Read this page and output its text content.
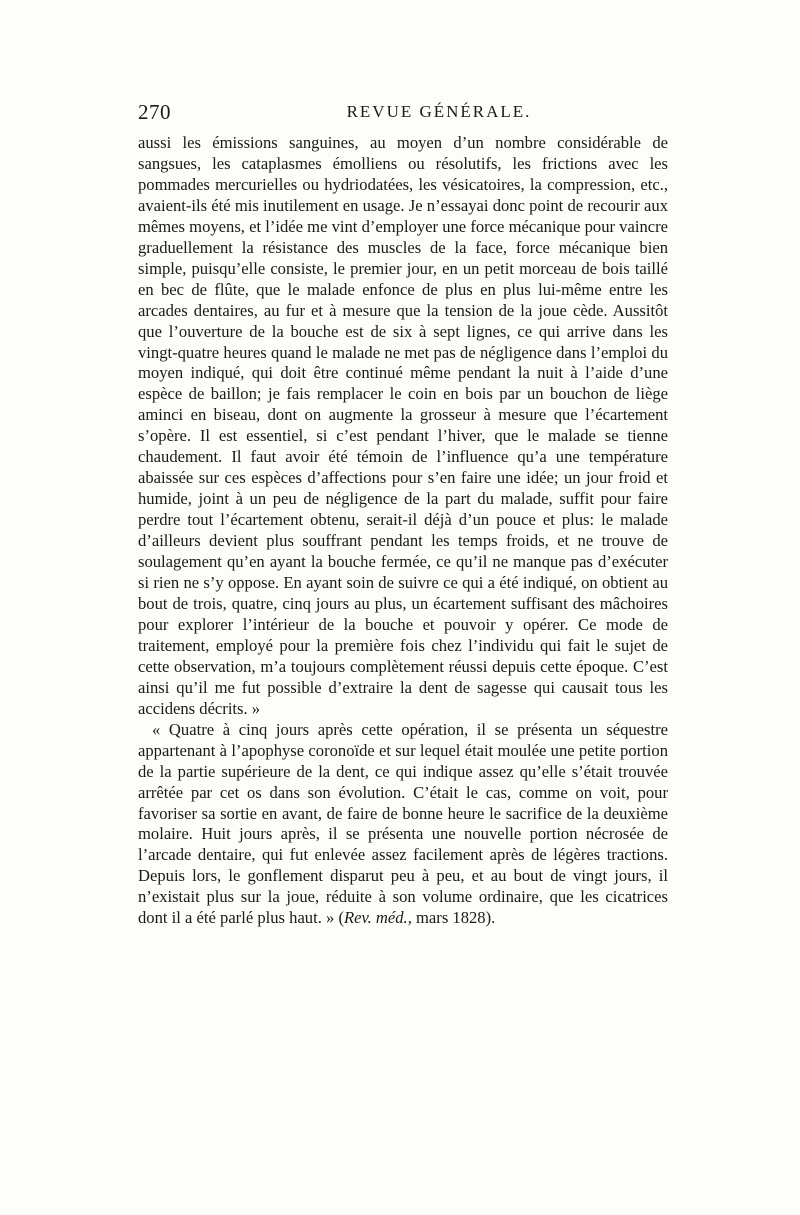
270	REVUE GÉNÉRALE.

aussi les émissions sanguines, au moyen d’un nombre considérable de sangsues, les cataplasmes émolliens ou résolutifs, les frictions avec les pommades mercurielles ou hydriodatées, les vésicatoires, la compression, etc., avaient-ils été mis inutilement en usage. Je n’essayai donc point de recourir aux mêmes moyens, et l’idée me vint d’employer une force mécanique pour vaincre graduellement la résistance des muscles de la face, force mécanique bien simple, puisqu’elle consiste, le premier jour, en un petit morceau de bois taillé en bec de flûte, que le malade enfonce de plus en plus lui-même entre les arcades dentaires, au fur et à mesure que la tension de la joue cède. Aussitôt que l’ouverture de la bouche est de six à sept lignes, ce qui arrive dans les vingt-quatre heures quand le malade ne met pas de négligence dans l’emploi du moyen indiqué, qui doit être continué même pendant la nuit à l’aide d’une espèce de baillon; je fais remplacer le coin en bois par un bouchon de liège aminci en biseau, dont on augmente la grosseur à mesure que l’écartement s’opère. Il est essentiel, si c’est pendant l’hiver, que le malade se tienne chaudement. Il faut avoir été témoin de l’influence qu’a une température abaissée sur ces espèces d’affections pour s’en faire une idée; un jour froid et humide, joint à un peu de négligence de la part du malade, suffit pour faire perdre tout l’écartement obtenu, serait-il déjà d’un pouce et plus: le malade d’ailleurs devient plus souffrant pendant les temps froids, et ne trouve de soulagement qu’en ayant la bouche fermée, ce qu’il ne manque pas d’exécuter si rien ne s’y oppose. En ayant soin de suivre ce qui a été indiqué, on obtient au bout de trois, quatre, cinq jours au plus, un écartement suffisant des mâchoires pour explorer l’intérieur de la bouche et pouvoir y opérer. Ce mode de traitement, employé pour la première fois chez l’individu qui fait le sujet de cette observation, m’a toujours complètement réussi depuis cette époque. C’est ainsi qu’il me fut possible d’extraire la dent de sagesse qui causait tous les accidens décrits. »

« Quatre à cinq jours après cette opération, il se présenta un séquestre appartenant à l’apophyse coronoïde et sur lequel était moulée une petite portion de la partie supérieure de la dent, ce qui indique assez qu’elle s’était trouvée arrêtée par cet os dans son évolution. C’était le cas, comme on voit, pour favoriser sa sortie en avant, de faire de bonne heure le sacrifice de la deuxième molaire. Huit jours après, il se présenta une nouvelle portion nécrosée de l’arcade dentaire, qui fut enlevée assez facilement après de légères tractions. Depuis lors, le gonflement disparut peu à peu, et au bout de vingt jours, il n’existait plus sur la joue, réduite à son volume ordinaire, que les cicatrices dont il a été parlé plus haut. » (Rev. méd., mars 1828).
